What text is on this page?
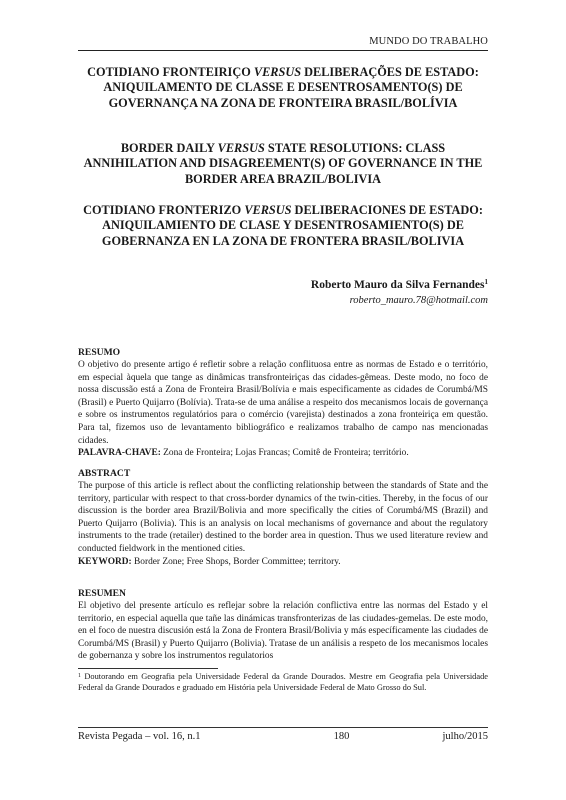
MUNDO DO TRABALHO
COTIDIANO FRONTEIRIÇO VERSUS DELIBERAÇÕES DE ESTADO: ANIQUILAMENTO DE CLASSE E DESENTROSAMENTO(S) DE GOVERNANÇA NA ZONA DE FRONTEIRA BRASIL/BOLÍVIA
BORDER DAILY VERSUS STATE RESOLUTIONS: CLASS ANNIHILATION AND DISAGREEMENT(S) OF GOVERNANCE IN THE BORDER AREA BRAZIL/BOLIVIA
COTIDIANO FRONTERIZO VERSUS DELIBERACIONES DE ESTADO: ANIQUILAMIENTO DE CLASE Y DESENTROSAMIENTO(S) DE GOBERNANZA EN LA ZONA DE FRONTERA BRASIL/BOLIVIA
Roberto Mauro da Silva Fernandes$^1$
roberto_mauro.78@hotmail.com
RESUMO
O objetivo do presente artigo é refletir sobre a relação conflituosa entre as normas de Estado e o território, em especial àquela que tange as dinâmicas transfronteiriças das cidades-gêmeas. Deste modo, no foco de nossa discussão está a Zona de Fronteira Brasil/Bolívia e mais especificamente as cidades de Corumbá/MS (Brasil) e Puerto Quijarro (Bolívia). Trata-se de uma análise a respeito dos mecanismos locais de governança e sobre os instrumentos regulatórios para o comércio (varejista) destinados a zona fronteiriça em questão. Para tal, fizemos uso de levantamento bibliográfico e realizamos trabalho de campo nas mencionadas cidades.
PALAVRA-CHAVE: Zona de Fronteira; Lojas Francas; Comitê de Fronteira; território.
ABSTRACT
The purpose of this article is reflect about the conflicting relationship between the standards of State and the territory, particular with respect to that cross-border dynamics of the twin-cities. Thereby, in the focus of our discussion is the border area Brazil/Bolivia and more specifically the cities of Corumbá/MS (Brazil) and Puerto Quijarro (Bolivia). This is an analysis on local mechanisms of governance and about the regulatory instruments to the trade (retailer) destined to the border area in question. Thus we used literature review and conducted fieldwork in the mentioned cities.
KEYWORD: Border Zone; Free Shops, Border Committee; territory.
RESUMEN
El objetivo del presente artículo es reflejar sobre la relación conflictiva entre las normas del Estado y el territorio, en especial aquella que tañe las dinámicas transfronterizas de las ciudades-gemelas. De este modo, en el foco de nuestra discusión está la Zona de Frontera Brasil/Bolivia y más específicamente las ciudades de Corumbá/MS (Brasil) y Puerto Quijarro (Bolivia). Tratase de un análisis a respeto de los mecanismos locales de gobernanza y sobre los instrumentos regulatorios
$^1$ Doutorando em Geografia pela Universidade Federal da Grande Dourados. Mestre em Geografia pela Universidade Federal da Grande Dourados e graduado em História pela Universidade Federal de Mato Grosso do Sul.
Revista Pegada – vol. 16, n.1	180	julho/2015
